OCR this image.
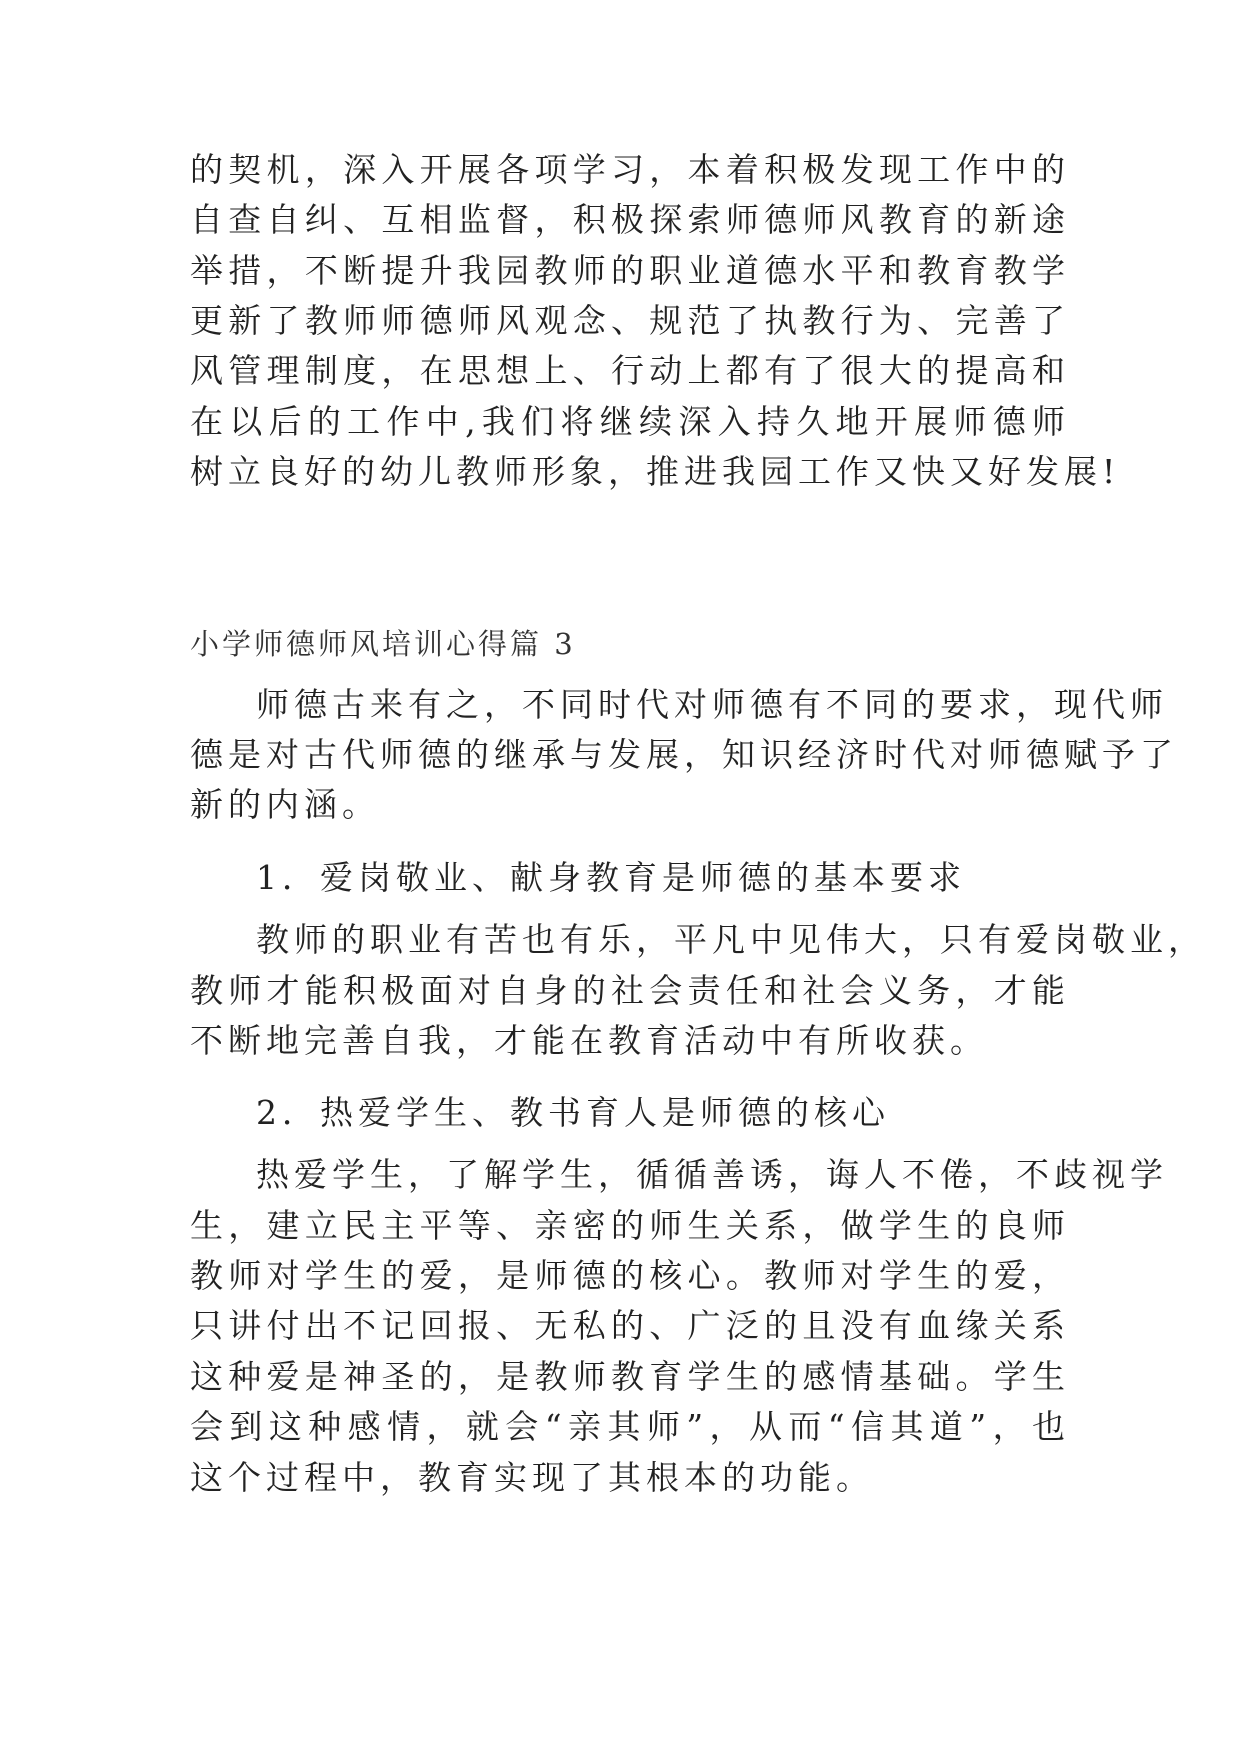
的契机，深入开展各项学习，本着积极发现工作中的
自查自纠、互相监督，积极探索师德师风教育的新途
举措，不断提升我园教师的职业道德水平和教育教学
更新了教师师德师风观念、规范了执教行为、完善了
风管理制度，在思想上、行动上都有了很大的提高和
在以后的工作中,我们将继续深入持久地开展师德师
树立良好的幼儿教师形象，推进我园工作又快又好发展!
小学师德师风培训心得篇 3
师德古来有之，不同时代对师德有不同的要求，现代师
德是对古代师德的继承与发展，知识经济时代对师德赋予了
新的内涵。
1．爱岗敬业、献身教育是师德的基本要求
教师的职业有苦也有乐，平凡中见伟大，只有爱岗敬业，
教师才能积极面对自身的社会责任和社会义务，才能
不断地完善自我，才能在教育活动中有所收获。
2．热爱学生、教书育人是师德的核心
热爱学生，了解学生，循循善诱，诲人不倦，不歧视学
生，建立民主平等、亲密的师生关系，做学生的良师
教师对学生的爱，是师德的核心。教师对学生的爱，
只讲付出不记回报、无私的、广泛的且没有血缘关系
这种爱是神圣的，是教师教育学生的感情基础。学生
会到这种感情，就会“亲其师”，从而“信其道”，也
这个过程中，教育实现了其根本的功能。
